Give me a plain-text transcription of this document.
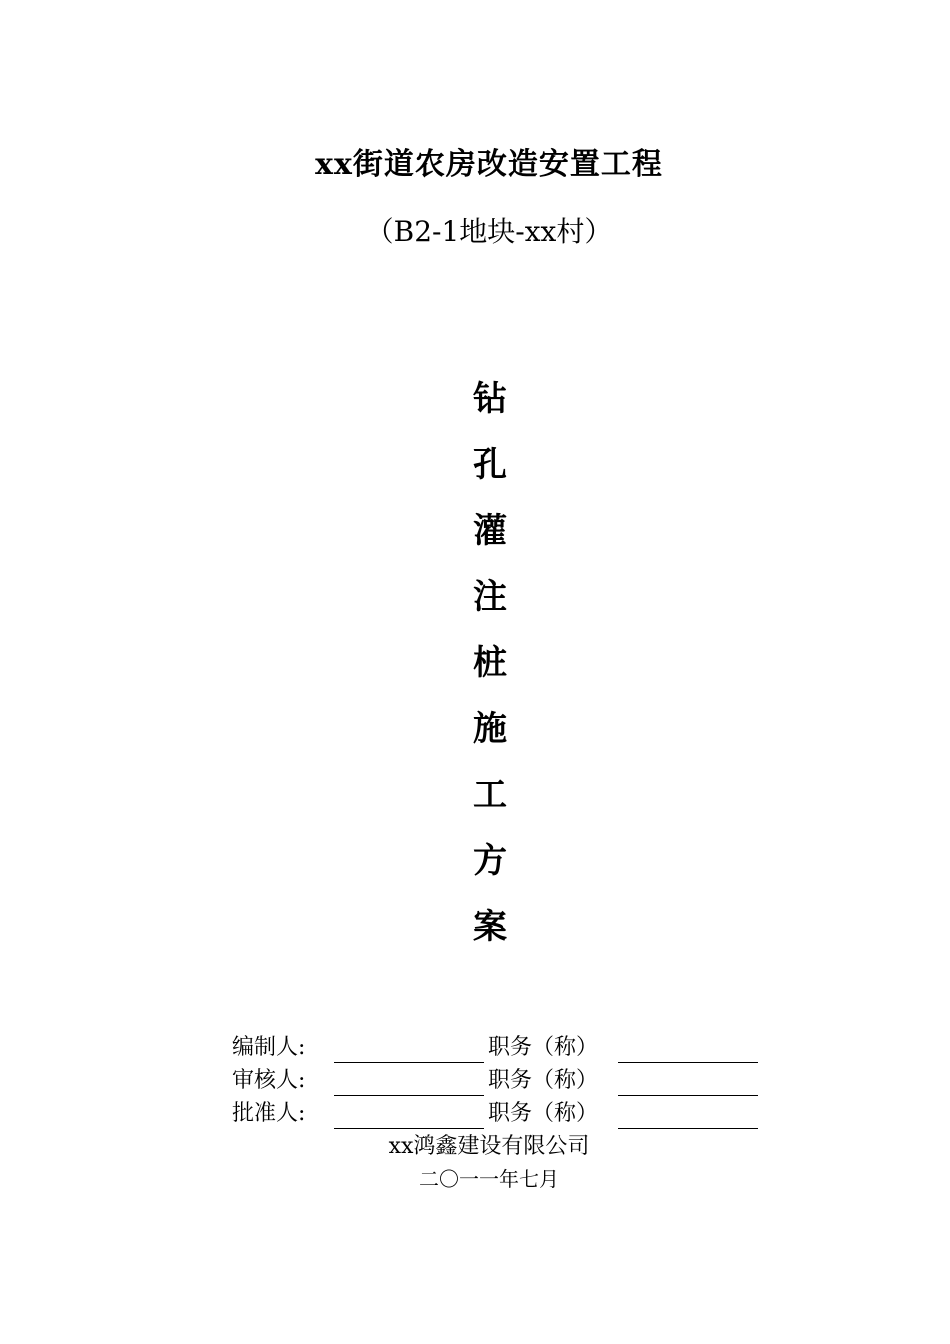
xx街道农房改造安置工程
（B2-1地块-xx村）
钻
孔
灌
注
桩
施
工
方
案
编制人:	职务（称）
审核人:	职务（称）
批准人:	职务（称）
xx鸿鑫建设有限公司
二〇一一年七月
